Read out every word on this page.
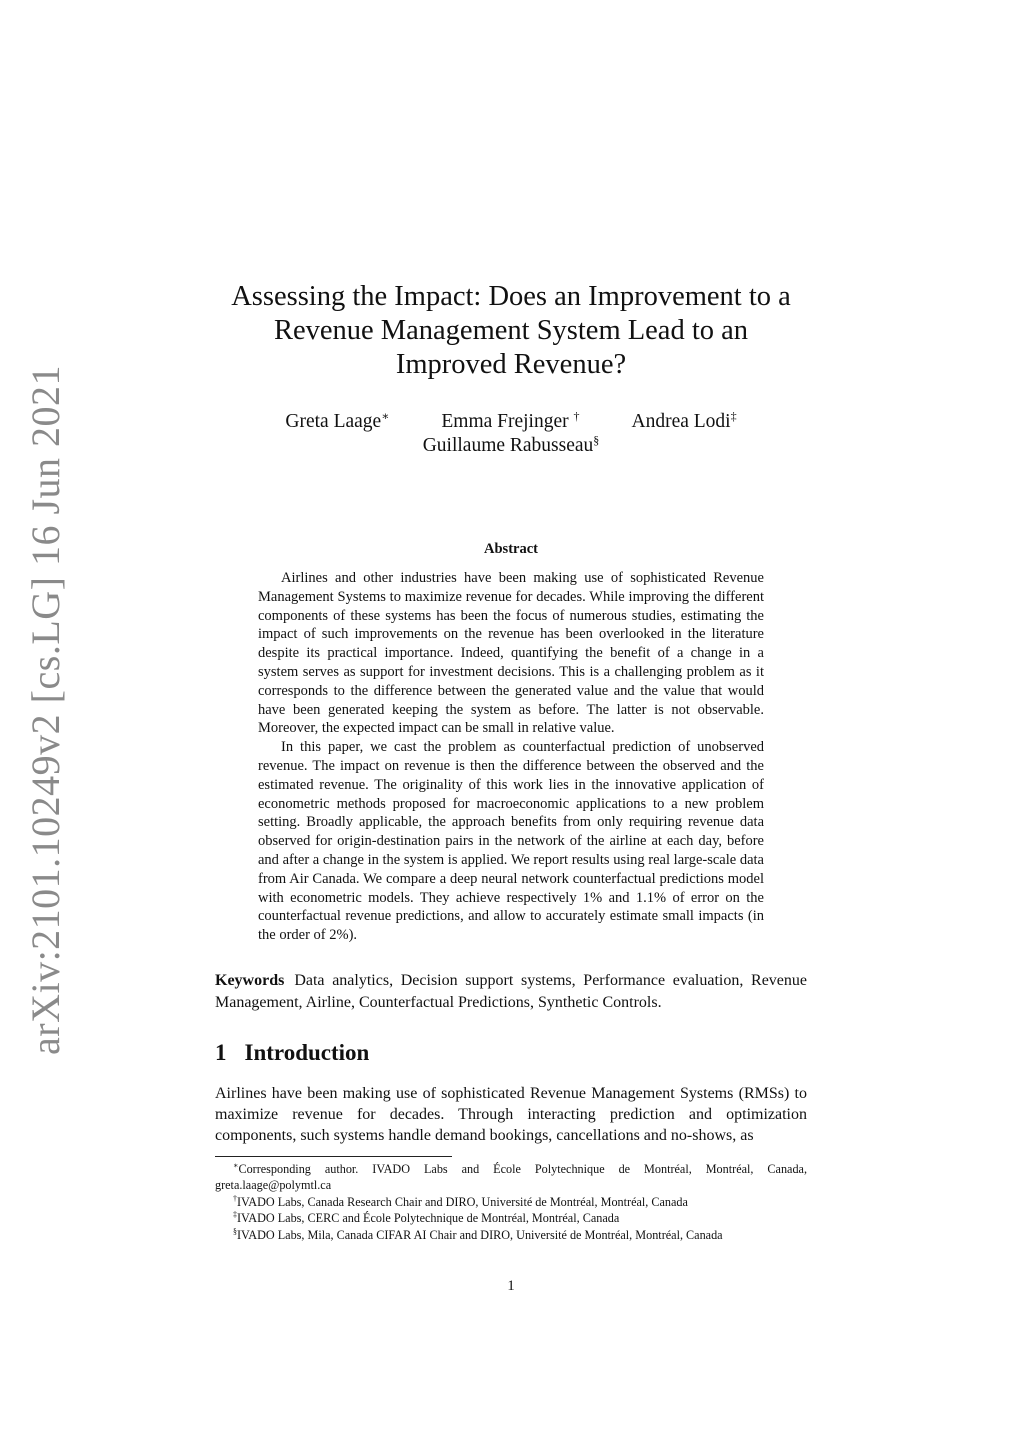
arXiv:2101.10249v2 [cs.LG] 16 Jun 2021
Assessing the Impact: Does an Improvement to a
Revenue Management System Lead to an
Improved Revenue?
Greta Laage∗	Emma Frejinger †	Andrea Lodi‡
Guillaume Rabusseau§
Abstract

Airlines and other industries have been making use of sophisticated Revenue Management Systems to maximize revenue for decades. While improving the different components of these systems has been the focus of numerous studies, estimating the impact of such improvements on the revenue has been overlooked in the literature despite its practical importance. Indeed, quantifying the benefit of a change in a system serves as support for investment decisions. This is a challenging problem as it corresponds to the difference between the generated value and the value that would have been generated keeping the system as before. The latter is not observable. Moreover, the expected impact can be small in relative value.

In this paper, we cast the problem as counterfactual prediction of unobserved revenue. The impact on revenue is then the difference between the observed and the estimated revenue. The originality of this work lies in the innovative application of econometric methods proposed for macroeconomic applications to a new problem setting. Broadly applicable, the approach benefits from only requiring revenue data observed for origin-destination pairs in the network of the airline at each day, before and after a change in the system is applied. We report results using real large-scale data from Air Canada. We compare a deep neural network counterfactual predictions model with econometric models. They achieve respectively 1% and 1.1% of error on the counterfactual revenue predictions, and allow to accurately estimate small impacts (in the order of 2%).

Keywords Data analytics, Decision support systems, Performance evaluation, Revenue Management, Airline, Counterfactual Predictions, Synthetic Controls.
1 Introduction

Airlines have been making use of sophisticated Revenue Management Systems (RMSs) to maximize revenue for decades. Through interacting prediction and optimization components, such systems handle demand bookings, cancellations and no-shows, as

∗Corresponding author. IVADO Labs and École Polytechnique de Montréal, Montréal, Canada, greta.laage@polymtl.ca
†IVADO Labs, Canada Research Chair and DIRO, Université de Montréal, Montréal, Canada
‡IVADO Labs, CERC and École Polytechnique de Montréal, Montréal, Canada
§IVADO Labs, Mila, Canada CIFAR AI Chair and DIRO, Université de Montréal, Montréal, Canada
1
